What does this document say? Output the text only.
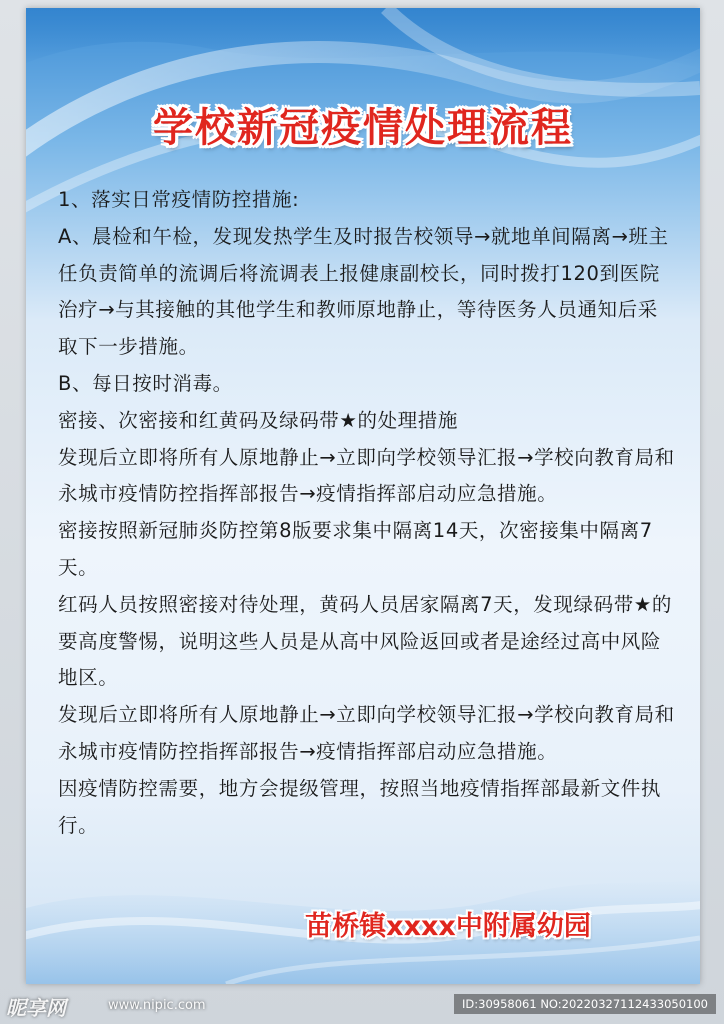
学校新冠疫情处理流程

1、落实日常疫情防控措施:

A、晨检和午检，发现发热学生及时报告校领导→就地单间隔离→班主任负责简单的流调后将流调表上报健康副校长，同时拨打120到医院治疗→与其接触的其他学生和教师原地静止，等待医务人员通知后采取下一步措施。

B、每日按时消毒。

密接、次密接和红黄码及绿码带★的处理措施

发现后立即将所有人原地静止→立即向学校领导汇报→学校向教育局和永城市疫情防控指挥部报告→疫情指挥部启动应急措施。

密接按照新冠肺炎防控第8版要求集中隔离14天，次密接集中隔离7天。

红码人员按照密接对待处理，黄码人员居家隔离7天，发现绿码带★的要高度警惕，说明这些人员是从高中风险返回或者是途经过高中风险地区。

发现后立即将所有人原地静止→立即向学校领导汇报→学校向教育局和永城市疫情防控指挥部报告→疫情指挥部启动应急措施。

因疫情防控需要，地方会提级管理，按照当地疫情指挥部最新文件执行。

苗桥镇xxxx中附属幼园
昵享网	www.nipic.com	ID:30958061 NO:20220327112433050100
